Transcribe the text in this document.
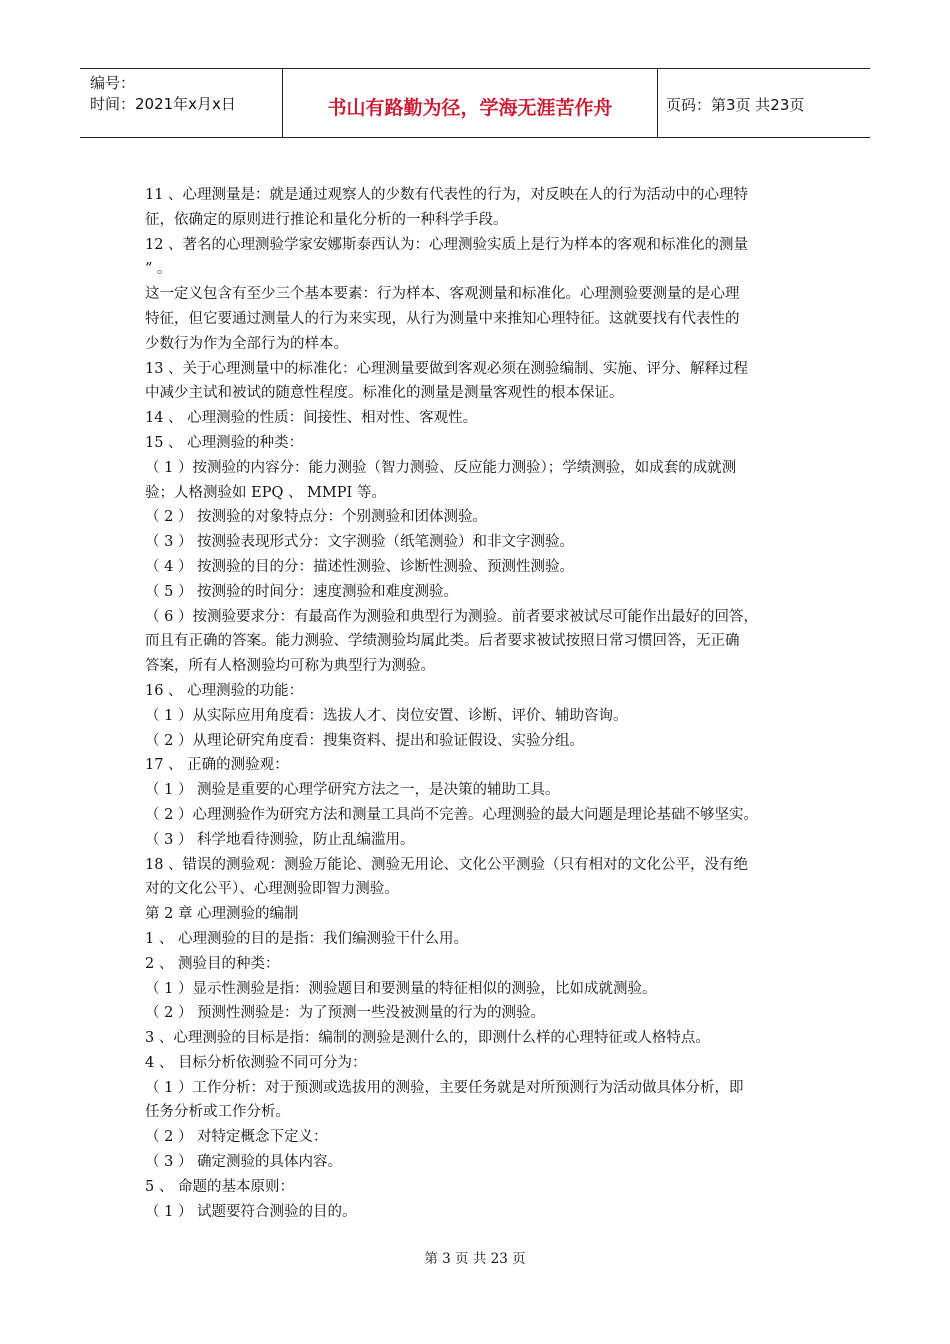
编号：
时间：2021年x月x日	书山有路勤为径，学海无涯苦作舟	页码：第3页 共23页
11 、心理测量是：就是通过观察人的少数有代表性的行为，对反映在人的行为活动中的心理特
征，依确定的原则进行推论和量化分析的一种科学手段。
12 、著名的心理测验学家安娜斯泰西认为：心理测验实质上是行为样本的客观和标准化的测量
” 。
这一定义包含有至少三个基本要素：行为样本、客观测量和标准化。心理测验要测量的是心理
特征，但它要通过测量人的行为来实现，从行为测量中来推知心理特征。这就要找有代表性的
少数行为作为全部行为的样本。
13 、关于心理测量中的标准化：心理测量要做到客观必须在测验编制、实施、评分、解释过程
中减少主试和被试的随意性程度。标准化的测量是测量客观性的根本保证。
14 、 心理测验的性质：间接性、相对性、客观性。
15 、 心理测验的种类：
（ 1 ）按测验的内容分：能力测验（智力测验、反应能力测验）；学绩测验，如成套的成就测
验；人格测验如 EPQ 、 MMPI 等。
（ 2 ） 按测验的对象特点分：个别测验和团体测验。
（ 3 ） 按测验表现形式分：文字测验（纸笔测验）和非文字测验。
（ 4 ） 按测验的目的分：描述性测验、诊断性测验、预测性测验。
（ 5 ） 按测验的时间分：速度测验和难度测验。
（ 6 ）按测验要求分：有最高作为测验和典型行为测验。前者要求被试尽可能作出最好的回答，
而且有正确的答案。能力测验、学绩测验均属此类。后者要求被试按照日常习惯回答，无正确
答案，所有人格测验均可称为典型行为测验。
16 、 心理测验的功能：
（ 1 ）从实际应用角度看：选拔人才、岗位安置、诊断、评价、辅助咨询。
（ 2 ）从理论研究角度看：搜集资料、提出和验证假设、实验分组。
17 、 正确的测验观：
（ 1 ） 测验是重要的心理学研究方法之一，是决策的辅助工具。
（ 2 ）心理测验作为研究方法和测量工具尚不完善。心理测验的最大问题是理论基础不够坚实。
（ 3 ） 科学地看待测验，防止乱编滥用。
18 、错误的测验观：测验万能论、测验无用论、文化公平测验（只有相对的文化公平，没有绝
对的文化公平）、心理测验即智力测验。
第 2 章 心理测验的编制
1 、 心理测验的目的是指：我们编测验干什么用。
2 、 测验目的种类：
（ 1 ）显示性测验是指：测验题目和要测量的特征相似的测验，比如成就测验。
（ 2 ） 预测性测验是：为了预测一些没被测量的行为的测验。
3 、心理测验的目标是指：编制的测验是测什么的，即测什么样的心理特征或人格特点。
4 、 目标分析依测验不同可分为：
（ 1 ）工作分析：对于预测或选拔用的测验，主要任务就是对所预测行为活动做具体分析，即
任务分析或工作分析。
（ 2 ） 对特定概念下定义：
（ 3 ） 确定测验的具体内容。
5 、 命题的基本原则：
（ 1 ） 试题要符合测验的目的。
第 3 页 共 23 页
